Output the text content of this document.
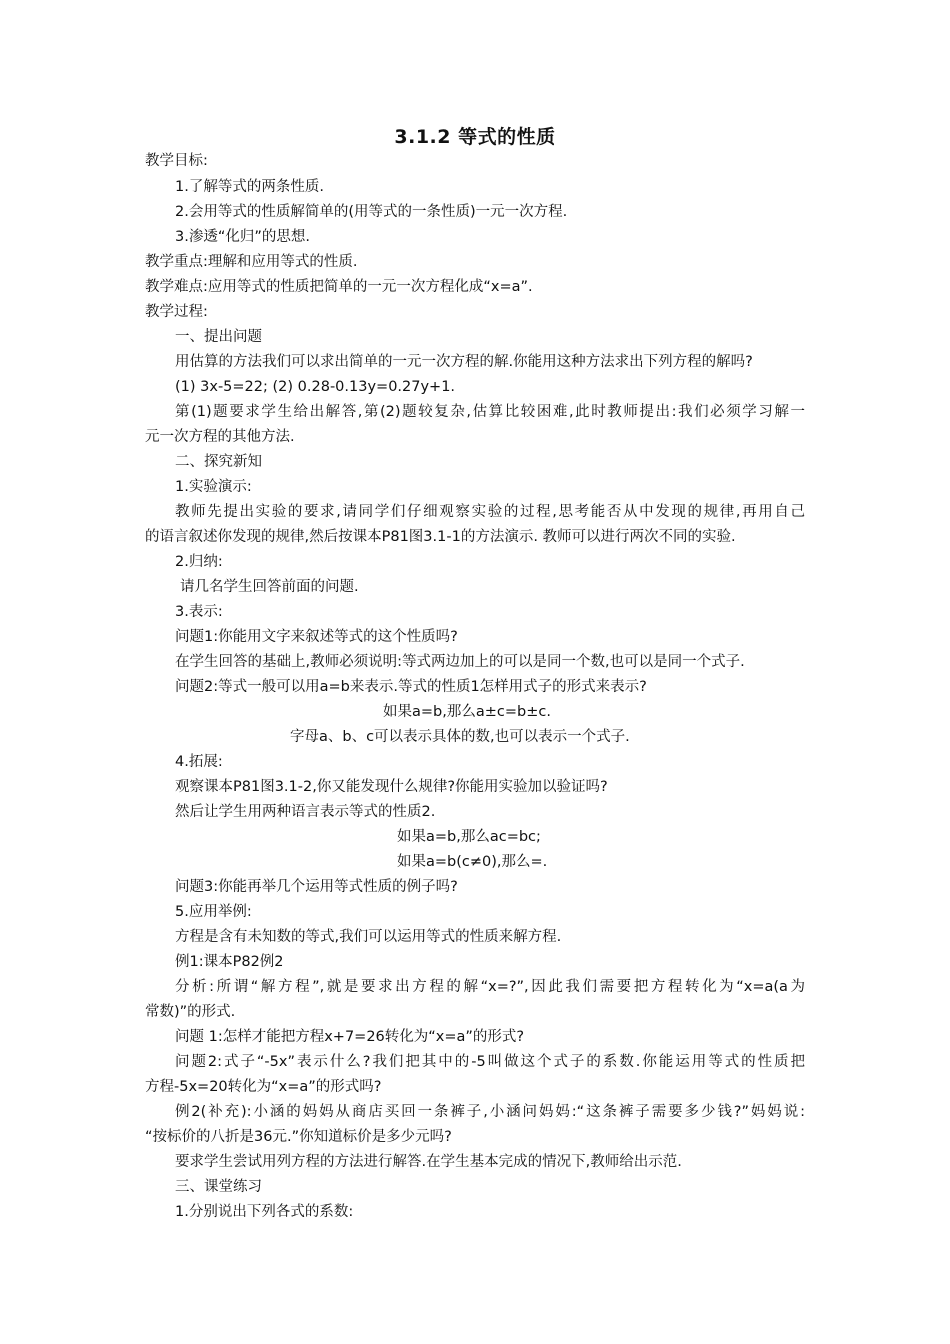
3.1.2 等式的性质
教学目标:
1.了解等式的两条性质.
2.会用等式的性质解简单的(用等式的一条性质)一元一次方程.
3.渗透“化归”的思想.
教学重点:理解和应用等式的性质.
教学难点:应用等式的性质把简单的一元一次方程化成“x=a”.
教学过程:
一、提出问题
用估算的方法我们可以求出简单的一元一次方程的解.你能用这种方法求出下列方程的解吗?
(1) 3x-5=22; (2) 0.28-0.13y=0.27y+1.
第(1)题要求学生给出解答,第(2)题较复杂,估算比较困难,此时教师提出:我们必须学习解一
元一次方程的其他方法.
二、探究新知
1.实验演示:
教师先提出实验的要求,请同学们仔细观察实验的过程,思考能否从中发现的规律,再用自己
的语言叙述你发现的规律,然后按课本P81图3.1-1的方法演示. 教师可以进行两次不同的实验.
2.归纳:
请几名学生回答前面的问题.
3.表示:
问题1:你能用文字来叙述等式的这个性质吗?
在学生回答的基础上,教师必须说明:等式两边加上的可以是同一个数,也可以是同一个式子.
问题2:等式一般可以用a=b来表示.等式的性质1怎样用式子的形式来表示?
如果a=b,那么a±c=b±c.
字母a、b、c可以表示具体的数,也可以表示一个式子.
4.拓展:
观察课本P81图3.1-2,你又能发现什么规律?你能用实验加以验证吗?
然后让学生用两种语言表示等式的性质2.
如果a=b,那么ac=bc;
如果a=b(c≠0),那么=.
问题3:你能再举几个运用等式性质的例子吗?
5.应用举例:
方程是含有未知数的等式,我们可以运用等式的性质来解方程.
例1:课本P82例2
分析:所谓“解方程”,就是要求出方程的解“x=?”,因此我们需要把方程转化为“x=a(a为
常数)”的形式.
问题 1:怎样才能把方程x+7=26转化为“x=a”的形式?
问题2:式子“-5x”表示什么?我们把其中的-5叫做这个式子的系数.你能运用等式的性质把
方程-5x=20转化为“x=a”的形式吗?
例2(补充):小涵的妈妈从商店买回一条裤子,小涵问妈妈:“这条裤子需要多少钱?”妈妈说:
“按标价的八折是36元.”你知道标价是多少元吗?
要求学生尝试用列方程的方法进行解答.在学生基本完成的情况下,教师给出示范.
三、课堂练习
1.分别说出下列各式的系数:
